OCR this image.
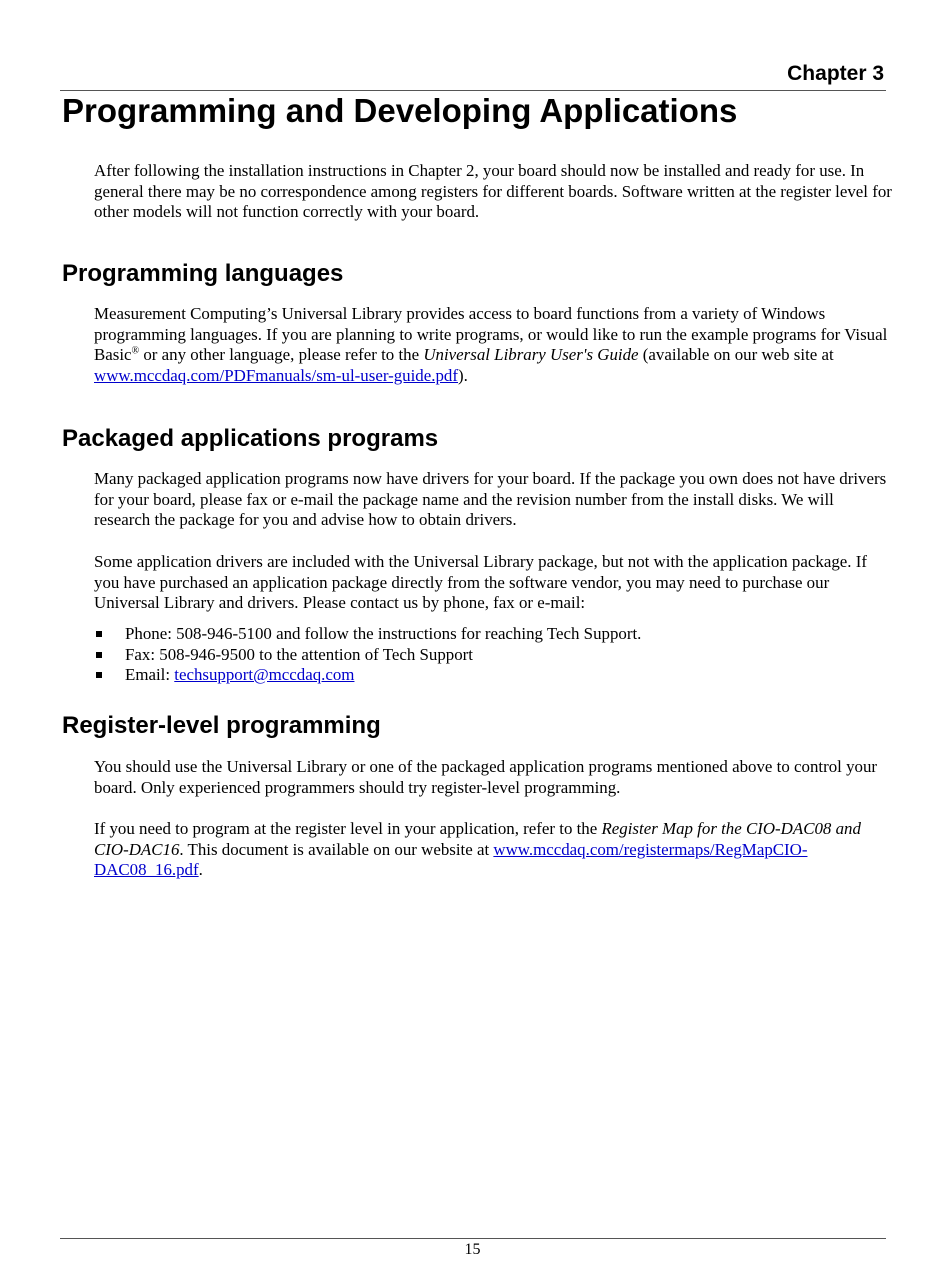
Chapter 3
Programming and Developing Applications

After following the installation instructions in Chapter 2, your board should now be installed and ready for use. In general there may be no correspondence among registers for different boards. Software written at the register level for other models will not function correctly with your board.

Programming languages

Measurement Computing’s Universal Library provides access to board functions from a variety of Windows programming languages. If you are planning to write programs, or would like to run the example programs for Visual Basic® or any other language, please refer to the Universal Library User's Guide (available on our web site at www.mccdaq.com/PDFmanuals/sm-ul-user-guide.pdf).

Packaged applications programs

Many packaged application programs now have drivers for your board. If the package you own does not have drivers for your board, please fax or e-mail the package name and the revision number from the install disks. We will research the package for you and advise how to obtain drivers.

Some application drivers are included with the Universal Library package, but not with the application package. If you have purchased an application package directly from the software vendor, you may need to purchase our Universal Library and drivers. Please contact us by phone, fax or e-mail:

Phone: 508-946-5100 and follow the instructions for reaching Tech Support.
Fax: 508-946-9500 to the attention of Tech Support
Email: techsupport@mccdaq.com
Register-level programming

You should use the Universal Library or one of the packaged application programs mentioned above to control your board. Only experienced programmers should try register-level programming.

If you need to program at the register level in your application, refer to the Register Map for the CIO-DAC08 and CIO-DAC16. This document is available on our website at www.mccdaq.com/registermaps/RegMapCIO-DAC08_16.pdf.

15
